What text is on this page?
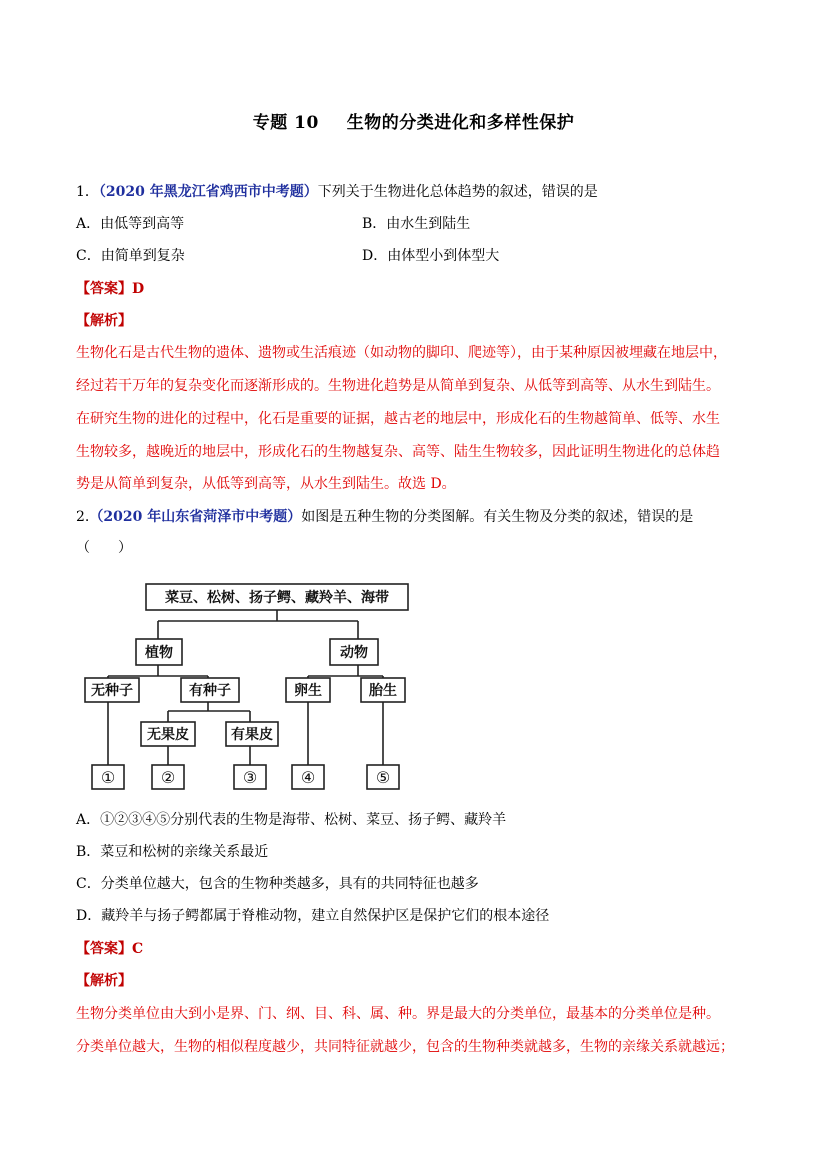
专题 10 生物的分类进化和多样性保护
1．（2020 年黑龙江省鸡西市中考题）下列关于生物进化总体趋势的叙述，错误的是
A．由低等到高等	B．由水生到陆生
C．由简单到复杂	D．由体型小到体型大
【答案】D
【解析】
生物化石是古代生物的遗体、遗物或生活痕迹（如动物的脚印、爬迹等），由于某种原因被埋藏在地层中，
经过若干万年的复杂变化而逐渐形成的。生物进化趋势是从简单到复杂、从低等到高等、从水生到陆生。
在研究生物的进化的过程中，化石是重要的证据，越古老的地层中，形成化石的生物越简单、低等、水生
生物较多，越晚近的地层中，形成化石的生物越复杂、高等、陆生生物较多，因此证明生物进化的总体趋
势是从简单到复杂，从低等到高等，从水生到陆生。故选 D。
2.（2020 年山东省菏泽市中考题）如图是五种生物的分类图解。有关生物及分类的叙述，错误的是
（　　）
菜豆、松树、扬子鳄、藏羚羊、海带
植物	动物
无种子	有种子	卵生	胎生
无果皮	有果皮
①	②	③	④	⑤
A．①②③④⑤分别代表的生物是海带、松树、菜豆、扬子鳄、藏羚羊
B．菜豆和松树的亲缘关系最近
C．分类单位越大，包含的生物种类越多，具有的共同特征也越多
D．藏羚羊与扬子鳄都属于脊椎动物，建立自然保护区是保护它们的根本途径
【答案】C
【解析】
生物分类单位由大到小是界、门、纲、目、科、属、种。界是最大的分类单位，最基本的分类单位是种。
分类单位越大，生物的相似程度越少，共同特征就越少，包含的生物种类就越多，生物的亲缘关系就越远；
